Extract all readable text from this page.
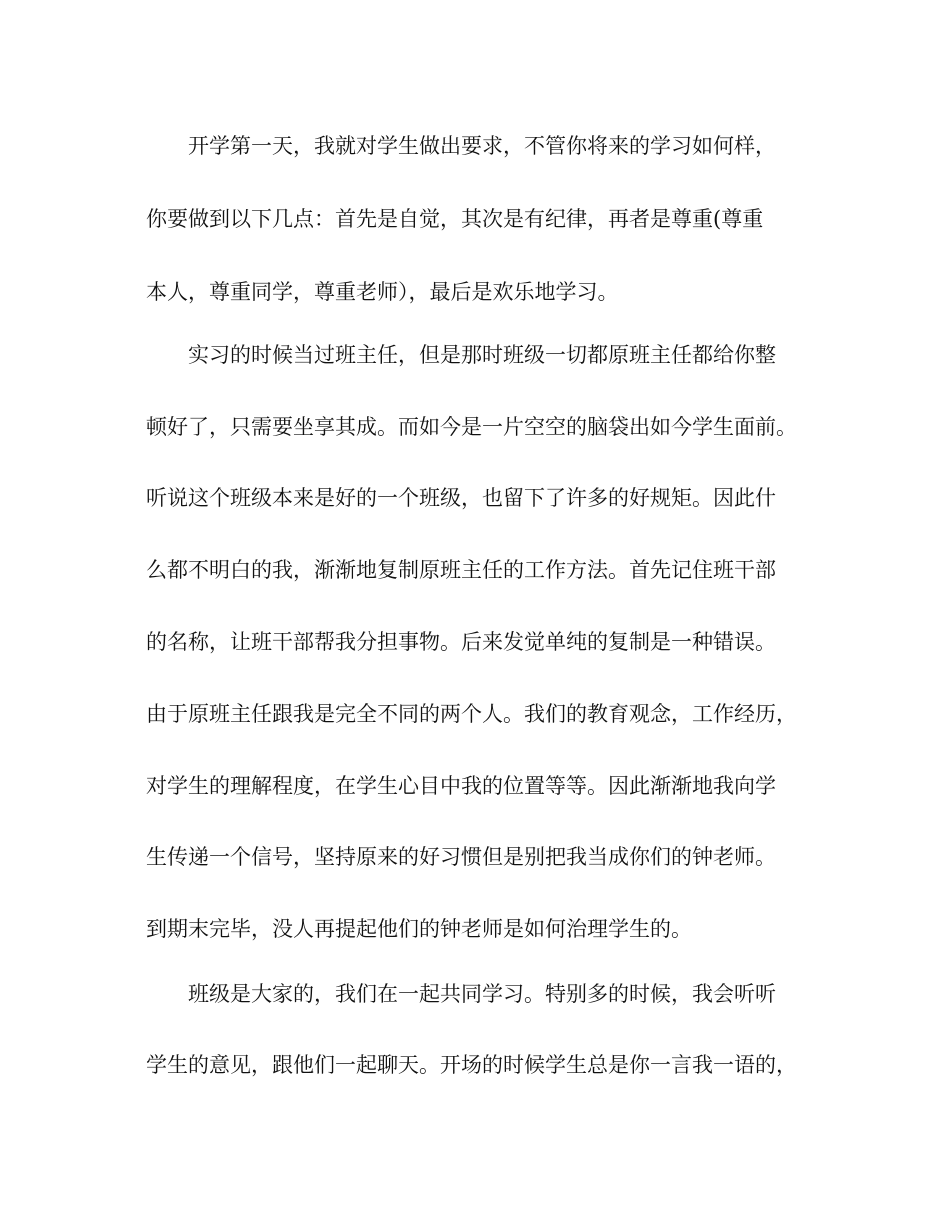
开学第一天，我就对学生做出要求，不管你将来的学习如何样，
你要做到以下几点：首先是自觉，其次是有纪律，再者是尊重(尊重
本人，尊重同学，尊重老师），最后是欢乐地学习。
实习的时候当过班主任，但是那时班级一切都原班主任都给你整
顿好了，只需要坐享其成。而如今是一片空空的脑袋出如今学生面前。
听说这个班级本来是好的一个班级，也留下了许多的好规矩。因此什
么都不明白的我，渐渐地复制原班主任的工作方法。首先记住班干部
的名称，让班干部帮我分担事物。后来发觉单纯的复制是一种错误。
由于原班主任跟我是完全不同的两个人。我们的教育观念，工作经历，
对学生的理解程度，在学生心目中我的位置等等。因此渐渐地我向学
生传递一个信号，坚持原来的好习惯但是别把我当成你们的钟老师。
到期末完毕，没人再提起他们的钟老师是如何治理学生的。
班级是大家的，我们在一起共同学习。特别多的时候，我会听听
学生的意见，跟他们一起聊天。开场的时候学生总是你一言我一语的，
